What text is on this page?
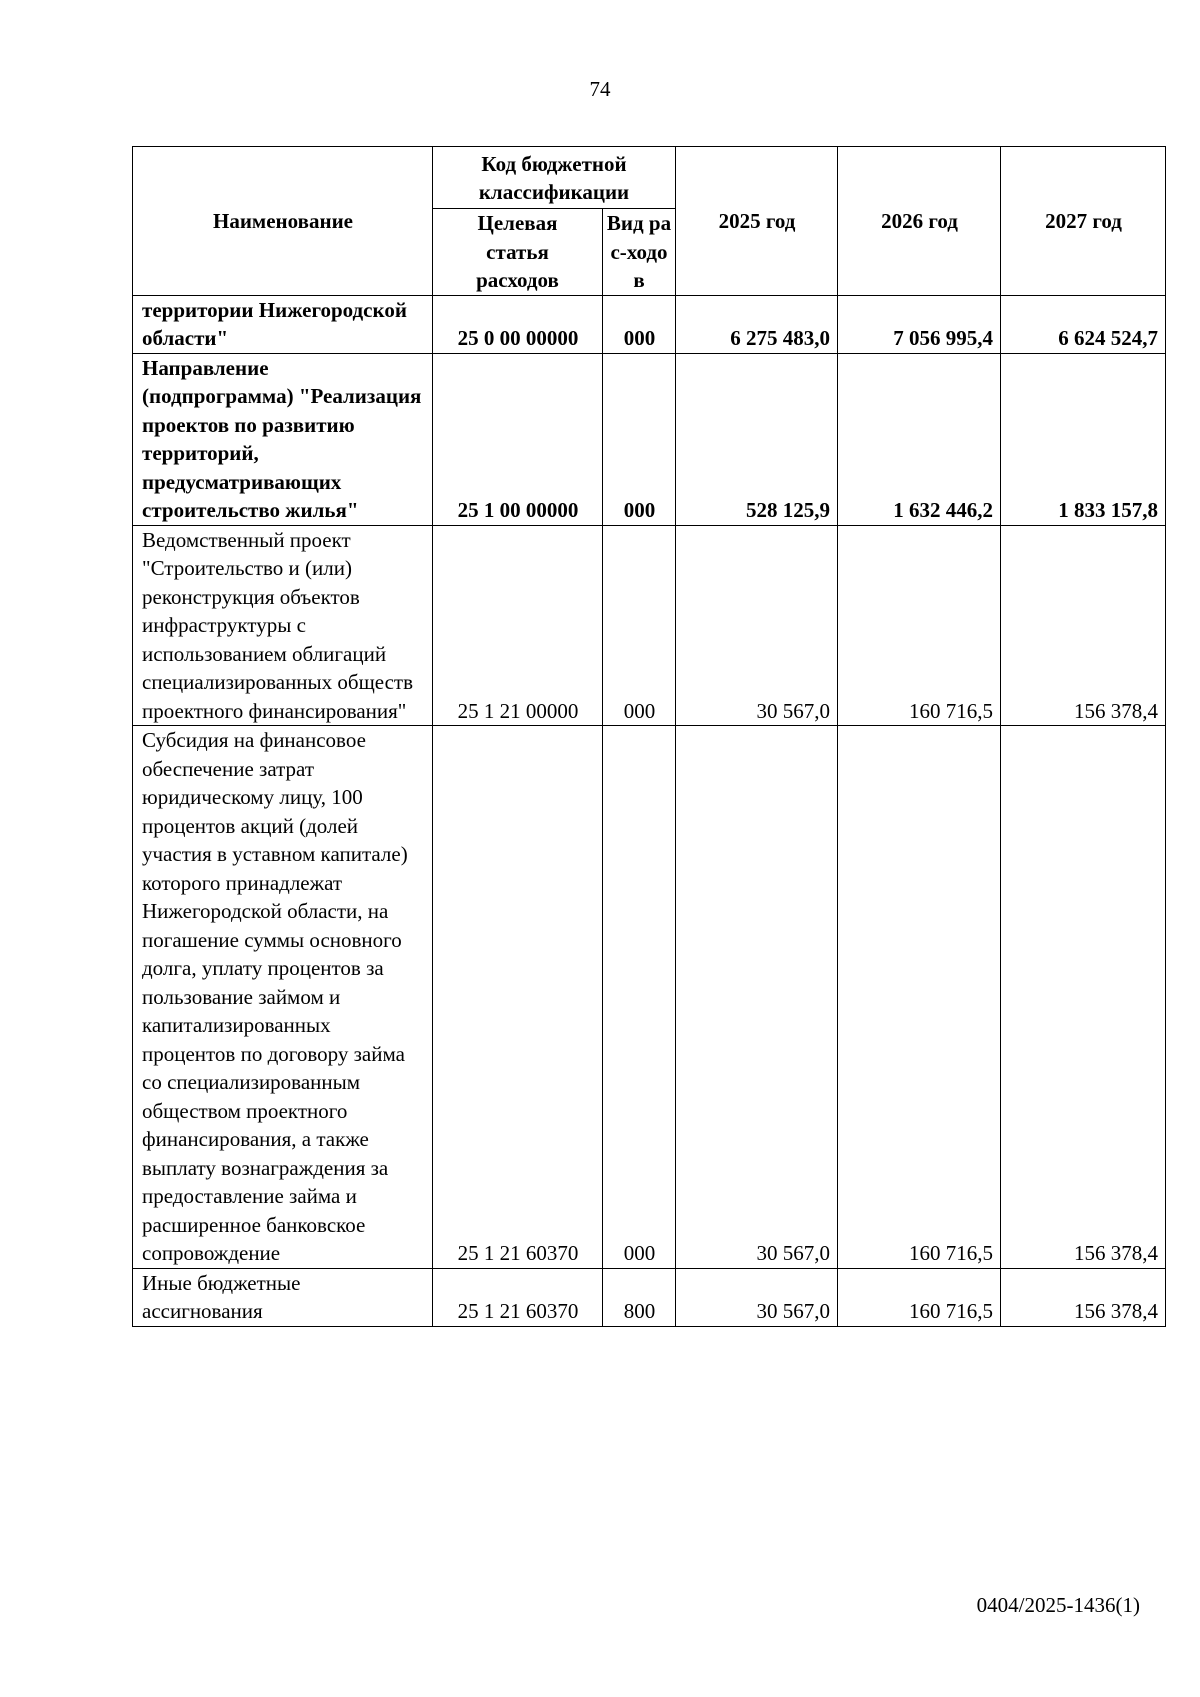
74
Наименование	Код бюджетной классификации		2025 год	2026 год	2027 год
	Целевая статья расходов	Вид рас-ходов			
территории Нижегородской области"	25 0 00 00000	000	6 275 483,0	7 056 995,4	6 624 524,7
Направление (подпрограмма) "Реализация проектов по развитию территорий, предусматривающих строительство жилья"	25 1 00 00000	000	528 125,9	1 632 446,2	1 833 157,8
Ведомственный проект "Строительство и (или) реконструкция объектов инфраструктуры с использованием облигаций специализированных обществ проектного финансирования"	25 1 21 00000	000	30 567,0	160 716,5	156 378,4
Субсидия на финансовое обеспечение затрат юридическому лицу, 100 процентов акций (долей участия в уставном капитале) которого принадлежат Нижегородской области, на погашение суммы основного долга, уплату процентов за пользование займом и капитализированных процентов по договору займа со специализированным обществом проектного финансирования, а также выплату вознаграждения за предоставление займа и расширенное банковское сопровождение	25 1 21 60370	000	30 567,0	160 716,5	156 378,4
Иные бюджетные ассигнования	25 1 21 60370	800	30 567,0	160 716,5	156 378,4
0404/2025-1436(1)
